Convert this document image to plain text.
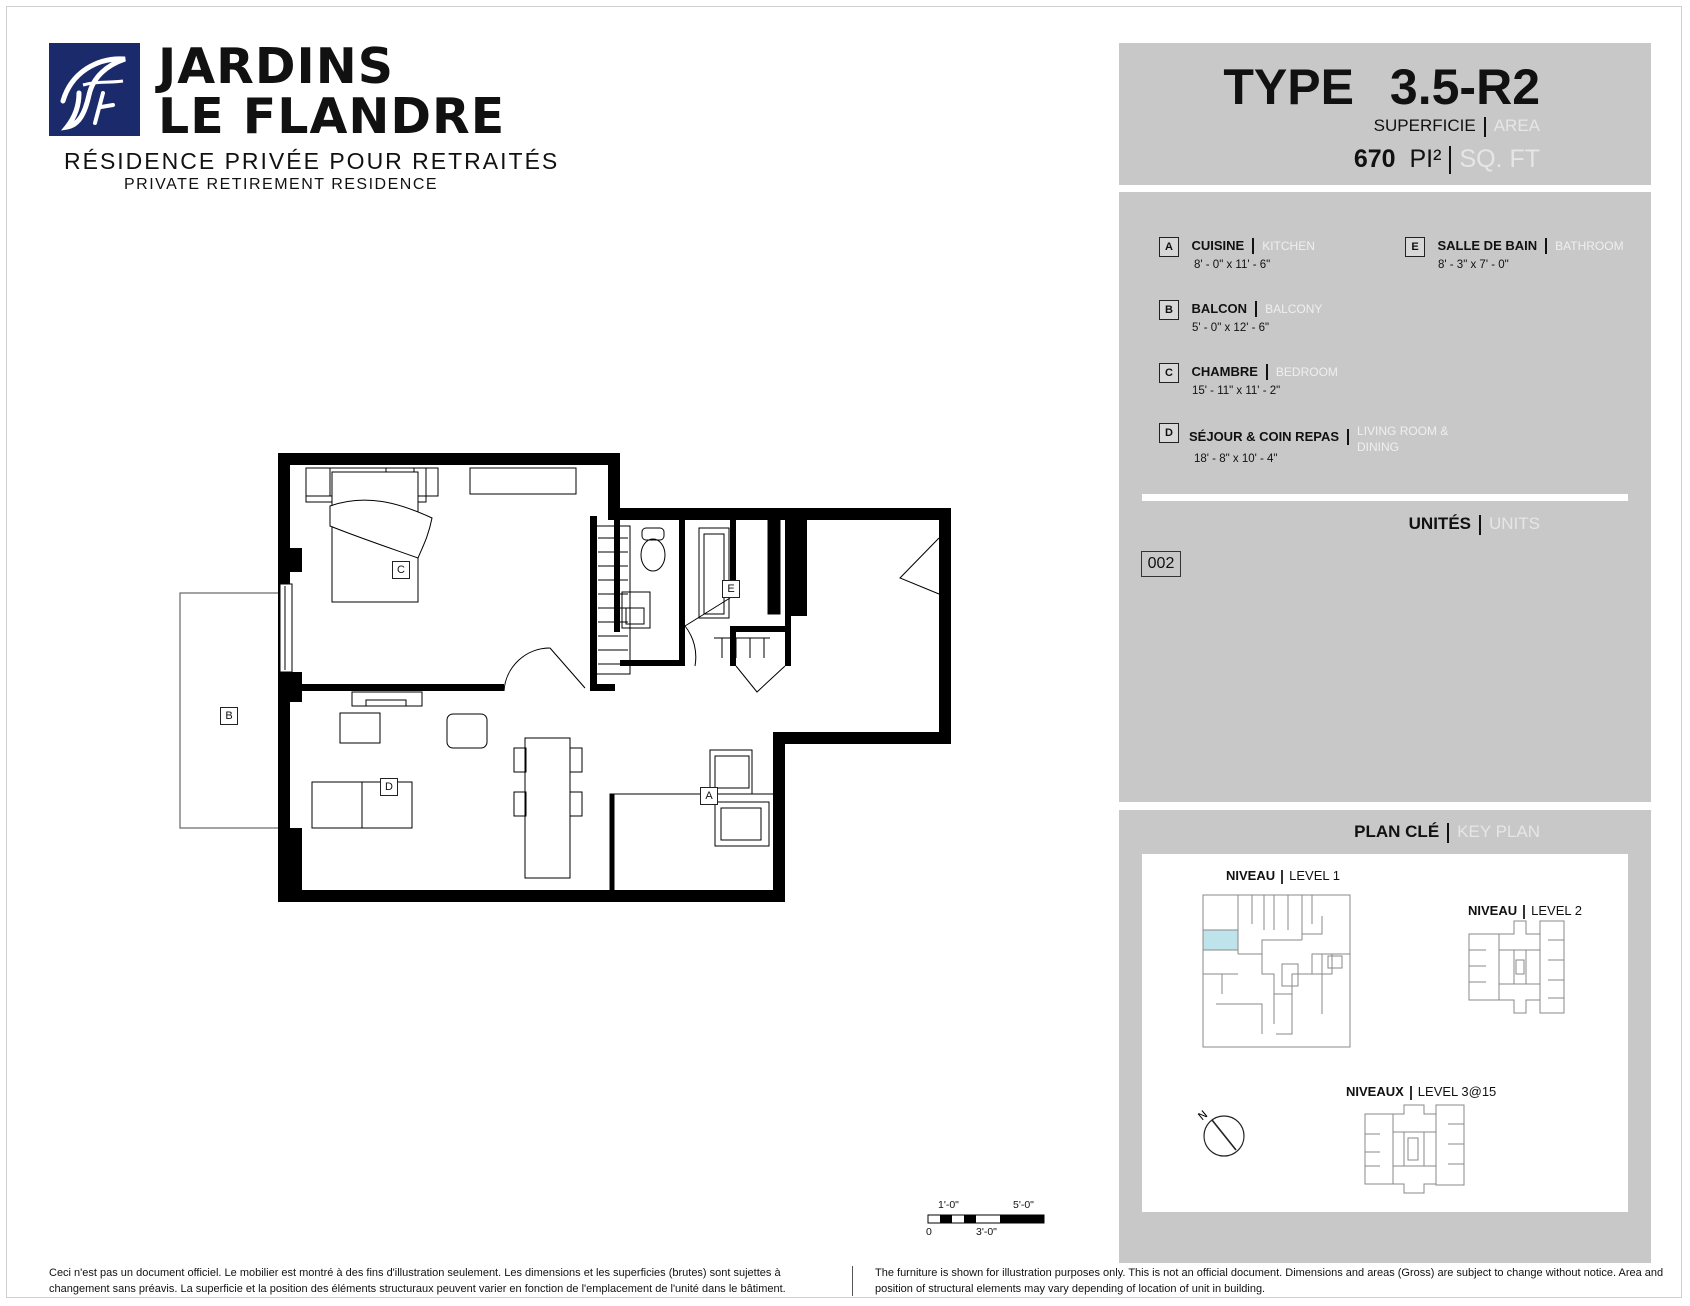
JARDINS
LE FLANDRE
RÉSIDENCE PRIVÉE POUR RETRAITÉS
PRIVATE RETIREMENT RESIDENCE
TYPE 3.5-R2
SUPERFICIE AREA
670 PI² SQ. FT
A CUISINE KITCHEN
8' - 0" x 11' - 6"
B BALCON BALCONY
5' - 0" x 12' - 6"
C CHAMBRE BEDROOM
15' - 11" x 11' - 2"
D	SÉJOUR & COIN REPAS LIVING ROOM & DINING
18' - 8" x 10' - 4"
E SALLE DE BAIN BATHROOM
8' - 3" x 7' - 0"
UNITÉS UNITS
002
PLAN CLÉ KEY PLAN
NIVEAU LEVEL 1
NIVEAU LEVEL 2
NIVEAUX LEVEL 3@15
N
C
E
B
D
A
1'-0"	5'-0"
0	3'-0"
Ceci n'est pas un document officiel. Le mobilier est montré à des fins d'illustration seulement. Les dimensions et les superficies (brutes) sont sujettes à changement sans préavis. La superficie et la position des éléments structuraux peuvent varier en fonction de l'emplacement de l'unité dans le bâtiment.
The furniture is shown for illustration purposes only. This is not an official document. Dimensions and areas (Gross) are subject to change without notice. Area and position of structural elements may vary depending of location of unit in building.
